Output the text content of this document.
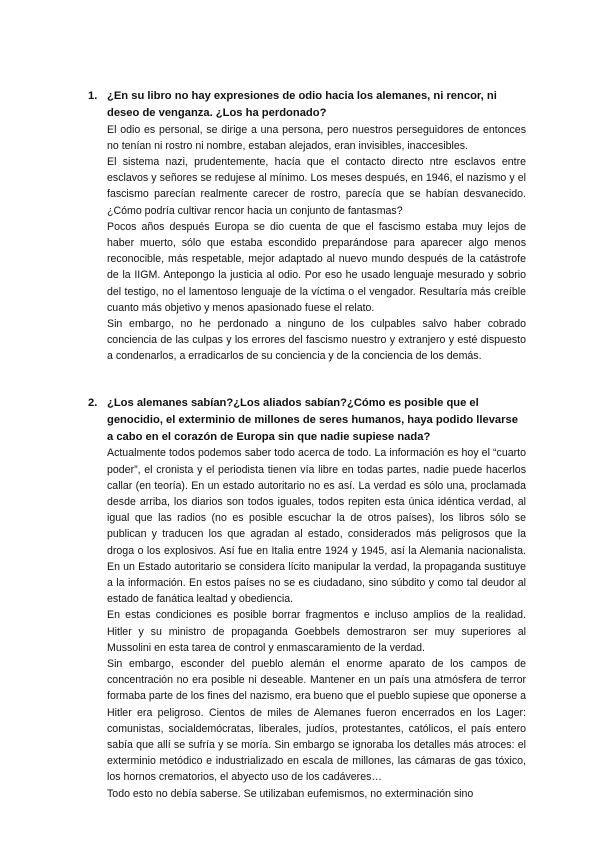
1. ¿En su libro no hay expresiones de odio hacia los alemanes, ni rencor, ni deseo de venganza. ¿Los ha perdonado?

El odio es personal, se dirige a una persona, pero nuestros perseguidores de entonces no tenían ni rostro ni nombre, estaban alejados, eran invisibles, inaccesibles.

El sistema nazi, prudentemente, hacía que el contacto directo ntre esclavos entre esclavos y señores se redujese al mínimo. Los meses después, en 1946, el nazismo y el fascismo parecían realmente carecer de rostro, parecía que se habían desvanecido. ¿Cómo podría cultivar rencor hacia un conjunto de fantasmas?

Pocos años después Europa se dio cuenta de que el fascismo estaba muy lejos de haber muerto, sólo que estaba escondido preparándose para aparecer algo menos reconocible, más respetable, mejor adaptado al nuevo mundo después de la catástrofe de la IIGM. Antepongo la justicia al odio. Por eso he usado lenguaje mesurado y sobrio del testigo, no el lamentoso lenguaje de la víctima o el vengador. Resultaría más creíble cuanto más objetivo y menos apasionado fuese el relato.

Sin embargo, no he perdonado a ninguno de los culpables salvo haber cobrado conciencia de las culpas y los errores del fascismo nuestro y extranjero y esté dispuesto a condenarlos, a erradicarlos de su conciencia y de la conciencia de los demás.

2. ¿Los alemanes sabían?¿Los aliados sabían?¿Cómo es posible que el genocidio, el exterminio de millones de seres humanos, haya podido llevarse a cabo en el corazón de Europa sin que nadie supiese nada?

Actualmente todos podemos saber todo acerca de todo. La información es hoy el “cuarto poder”, el cronista y el periodista tienen vía libre en todas partes, nadie puede hacerlos callar (en teoría). En un estado autoritario no es así. La verdad es sólo una, proclamada desde arriba, los diarios son todos iguales, todos repiten esta única idéntica verdad, al igual que las radios (no es posible escuchar la de otros países), los libros sólo se publican y traducen los que agradan al estado, considerados más peligrosos que la droga o los explosivos. Así fue en Italia entre 1924 y 1945, así la Alemania nacionalista. En un Estado autoritario se considera lícito manipular la verdad, la propaganda sustituye a la información. En estos países no se es ciudadano, sino súbdito y como tal deudor al estado de fanática lealtad y obediencia.

En estas condiciones es posible borrar fragmentos e incluso amplios de la realidad. Hitler y su ministro de propaganda Goebbels demostraron ser muy superiores al Mussolini en esta tarea de control y enmascaramiento de la verdad.

Sin embargo, esconder del pueblo alemán el enorme aparato de los campos de concentración no era posible ni deseable. Mantener en un país una atmósfera de terror formaba parte de los fines del nazismo, era bueno que el pueblo supiese que oponerse a Hitler era peligroso. Cientos de miles de Alemanes fueron encerrados en los Lager: comunistas, socialdemócratas, liberales, judíos, protestantes, católicos, el país entero sabía que allí se sufría y se moría. Sin embargo se ignoraba los detalles más atroces: el exterminio metódico e industrializado en escala de millones, las cámaras de gas tóxico, los hornos crematorios, el abyecto uso de los cadáveres…

Todo esto no debía saberse. Se utilizaban eufemismos, no exterminación sino
